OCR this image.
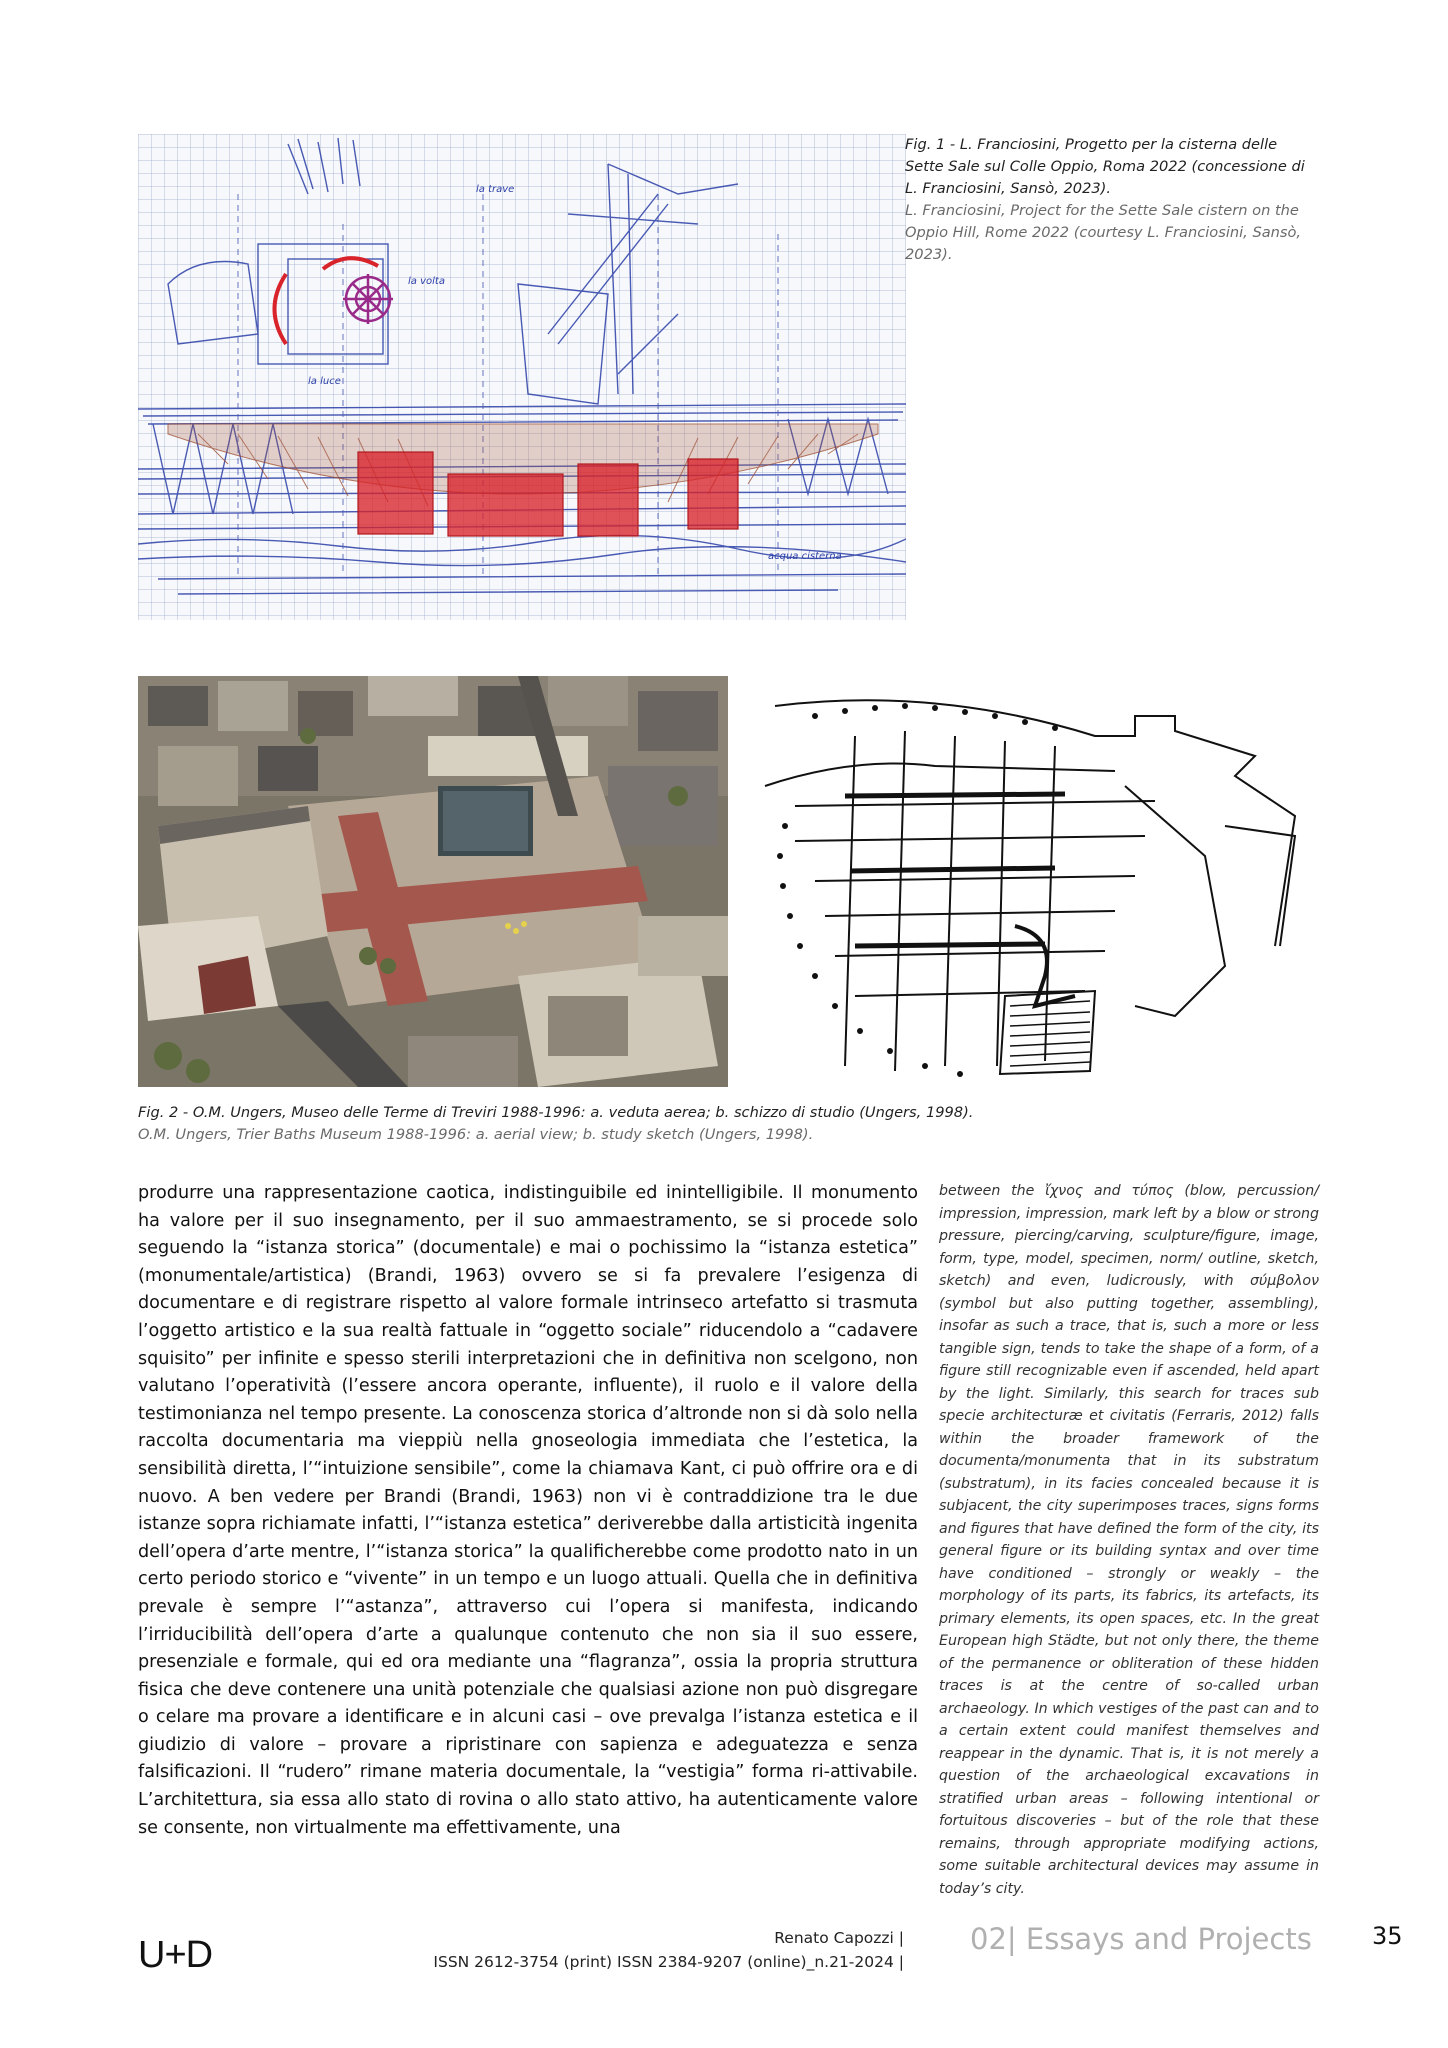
la trave
la volta
acqua cisterna
la luce
Fig. 1 - L. Franciosini, Progetto per la cisterna delle Sette Sale sul Colle Oppio, Roma 2022 (concessione di L. Franciosini, Sansò, 2023).
L. Franciosini, Project for the Sette Sale cistern on the Oppio Hill, Rome 2022 (courtesy L. Franciosini, Sansò, 2023).
Fig. 2 - O.M. Ungers, Museo delle Terme di Treviri 1988-1996: a. veduta aerea; b. schizzo di studio (Ungers, 1998).
O.M. Ungers, Trier Baths Museum 1988-1996: a. aerial view; b. study sketch (Ungers, 1998).

produrre una rappresentazione caotica, indistinguibile ed inintelligibile. Il monumento ha valore per il suo insegnamento, per il suo ammaestramento, se si procede solo seguendo la “istanza storica” (documentale) e mai o pochissimo la “istanza estetica” (monumentale/artistica) (Brandi, 1963) ovvero se si fa prevalere l’esigenza di documentare e di registrare rispetto al valore formale intrinseco artefatto si trasmuta l’oggetto artistico e la sua realtà fattuale in “oggetto sociale” riducendolo a “cadavere squisito” per infinite e spesso sterili interpretazioni che in definitiva non scelgono, non valutano l’operatività (l’essere ancora operante, influente), il ruolo e il valore della testimonianza nel tempo presente. La conoscenza storica d’altronde non si dà solo nella raccolta documentaria ma vieppiù nella gnoseologia immediata che l’estetica, la sensibilità diretta, l’“intuizione sensibile”, come la chiamava Kant, ci può offrire ora e di nuovo. A ben vedere per Brandi (Brandi, 1963) non vi è contraddizione tra le due istanze sopra richiamate infatti, l’“istanza estetica” deriverebbe dalla artisticità ingenita dell’opera d’arte mentre, l’“istanza storica” la qualificherebbe come prodotto nato in un certo periodo storico e “vivente” in un tempo e un luogo attuali. Quella che in definitiva prevale è sempre l’“astanza”, attraverso cui l’opera si manifesta, indicando l’irriducibilità dell’opera d’arte a qualunque contenuto che non sia il suo essere, presenziale e formale, qui ed ora mediante una “flagranza”, ossia la propria struttura fisica che deve contenere una unità potenziale che qualsiasi azione non può disgregare o celare ma provare a identificare e in alcuni casi – ove prevalga l’istanza estetica e il giudizio di valore – provare a ripristinare con sapienza e adeguatezza e senza falsificazioni. Il “rudero” rimane materia documentale, la “vestigia” forma ri-attivabile. L’architettura, sia essa allo stato di rovina o allo stato attivo, ha autenticamente valore se consente, non virtualmente ma effettivamente, una

between the ἴχνος and τύπος (blow, percussion/ impression, impression, mark left by a blow or strong pressure, piercing/carving, sculpture/figure, image, form, type, model, specimen, norm/ outline, sketch, sketch) and even, ludicrously, with σύμβολον (symbol but also putting together, assembling), insofar as such a trace, that is, such a more or less tangible sign, tends to take the shape of a form, of a figure still recognizable even if ascended, held apart by the light. Similarly, this search for traces sub specie architecturæ et civitatis (Ferraris, 2012) falls within the broader framework of the documenta/monumenta that in its substratum (substratum), in its facies concealed because it is subjacent, the city superimposes traces, signs forms and figures that have defined the form of the city, its general figure or its building syntax and over time have conditioned – strongly or weakly – the morphology of its parts, its fabrics, its artefacts, its primary elements, its open spaces, etc. In the great European high Städte, but not only there, the theme of the permanence or obliteration of these hidden traces is at the centre of so-called urban archaeology. In which vestiges of the past can and to a certain extent could manifest themselves and reappear in the dynamic. That is, it is not merely a question of the archaeological excavations in stratified urban areas – following intentional or fortuitous discoveries – but of the role that these remains, through appropriate modifying actions, some suitable architectural devices may assume in today’s city.

U+D	Renato Capozzi |
ISSN 2612-3754 (print) ISSN 2384-9207 (online)_n.21-2024 |
02| Essays and Projects	35
